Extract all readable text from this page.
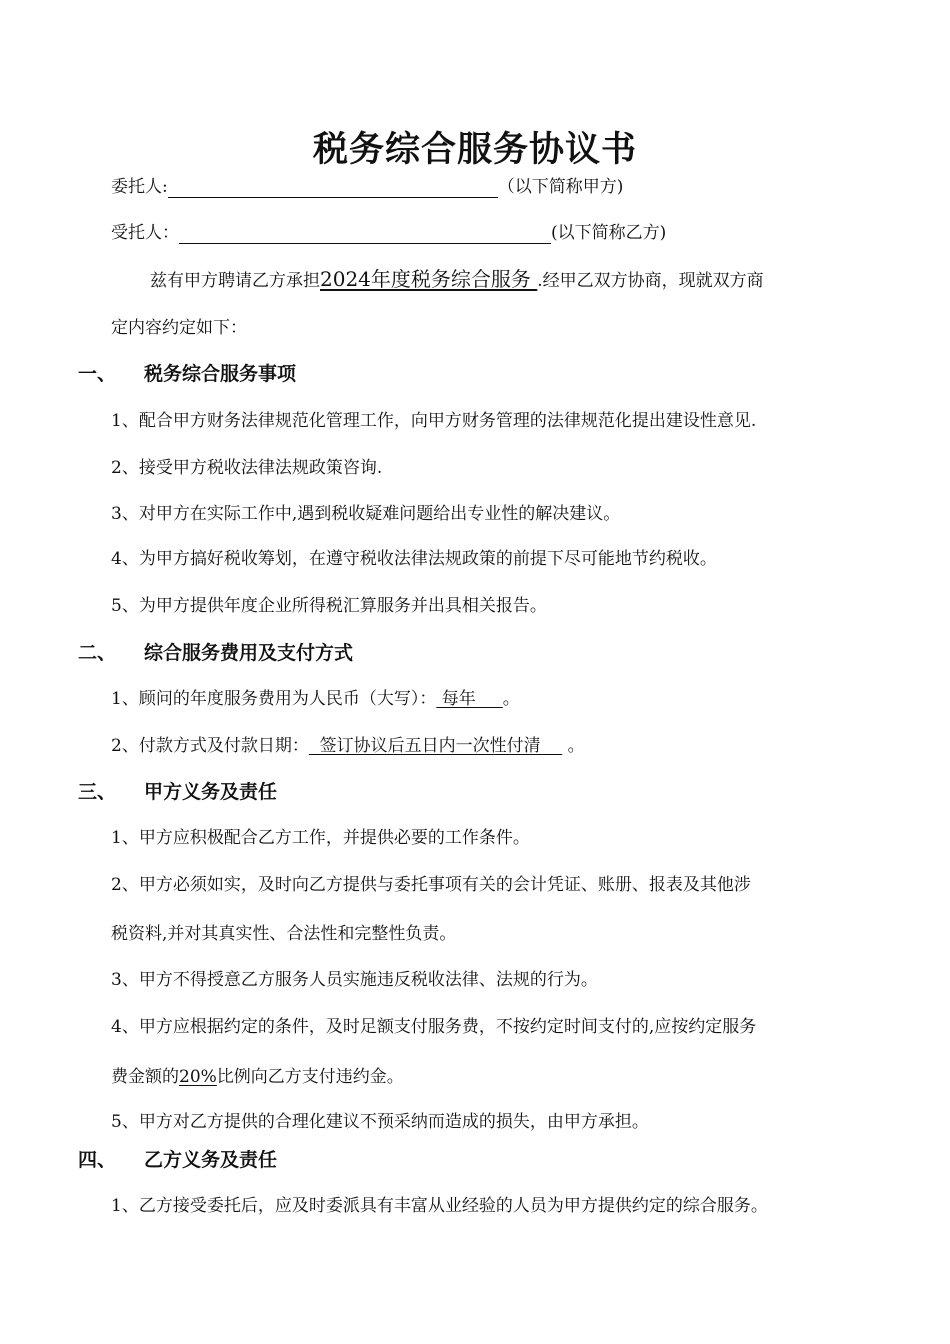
税务综合服务协议书
委托人:	（以下简称甲方)
受托人：	(以下简称乙方)
兹有甲方聘请乙方承担2024年度税务综合服务 .经甲乙双方协商，现就双方商
定内容约定如下：
一、 税务综合服务事项
1、配合甲方财务法律规范化管理工作，向甲方财务管理的法律规范化提出建设性意见.
2、接受甲方税收法律法规政策咨询.
3、对甲方在实际工作中,遇到税收疑难问题给出专业性的解决建议。
4、为甲方搞好税收筹划，在遵守税收法律法规政策的前提下尽可能地节约税收。
5、为甲方提供年度企业所得税汇算服务并出具相关报告。
二、 综合服务费用及支付方式
1、顾问的年度服务费用为人民币（大写）： 每年     。
2、付款方式及付款日期：  签订协议后五日内一次性付清     。
三、 甲方义务及责任
1、甲方应积极配合乙方工作，并提供必要的工作条件。
2、甲方必须如实，及时向乙方提供与委托事项有关的会计凭证、账册、报表及其他涉
税资料,并对其真实性、合法性和完整性负责。
3、甲方不得授意乙方服务人员实施违反税收法律、法规的行为。
4、甲方应根据约定的条件，及时足额支付服务费，不按约定时间支付的,应按约定服务
费金额的20%比例向乙方支付违约金。
5、甲方对乙方提供的合理化建议不预采纳而造成的损失，由甲方承担。
四、 乙方义务及责任
1、乙方接受委托后，应及时委派具有丰富从业经验的人员为甲方提供约定的综合服务。
